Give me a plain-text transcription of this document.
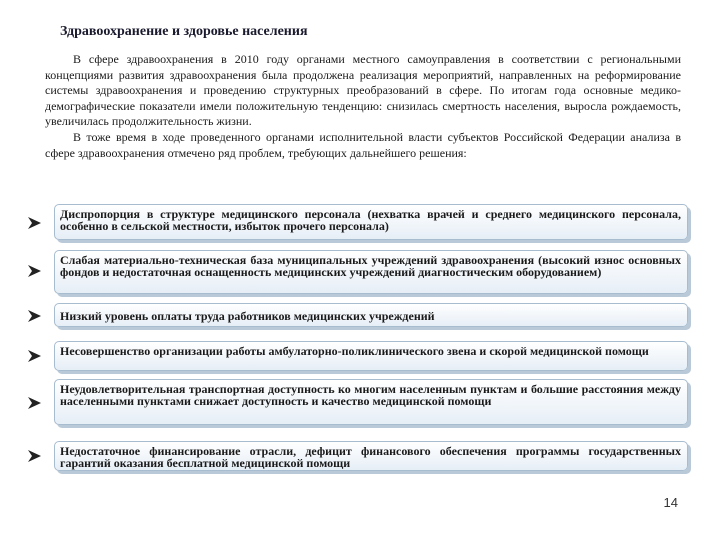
Здравоохранение и здоровье населения

В сфере здравоохранения в 2010 году органами местного самоуправления в соответствии с региональными концепциями развития здравоохранения была продолжена реализация мероприятий, направленных на реформирование системы здравоохранения и проведению структурных преобразований в сфере. По итогам года основные медико-демографические показатели имели положительную тенденцию: снизилась смертность населения, выросла рождаемость, увеличилась продолжительность жизни.

В тоже время в ходе проведенного органами исполнительной власти субъектов Российской Федерации анализа в сфере здравоохранения отмечено ряд проблем, требующих дальнейшего решения:

Диспропорция в структуре медицинского персонала (нехватка врачей и среднего медицинского персонала, особенно в сельской местности, избыток прочего персонала)
Слабая материально-техническая база муниципальных учреждений здравоохранения (высокий износ основных фондов и недостаточная оснащенность медицинских учреждений диагностическим оборудованием)
Низкий уровень оплаты труда работников медицинских учреждений
Несовершенство организации работы амбулаторно-поликлинического звена и скорой медицинской помощи
Неудовлетворительная транспортная доступность ко многим населенным пунктам и большие расстояния между населенными пунктами снижает доступность и качество медицинской помощи
Недостаточное финансирование отрасли, дефицит финансового обеспечения программы государственных гарантий оказания бесплатной медицинской помощи
14
